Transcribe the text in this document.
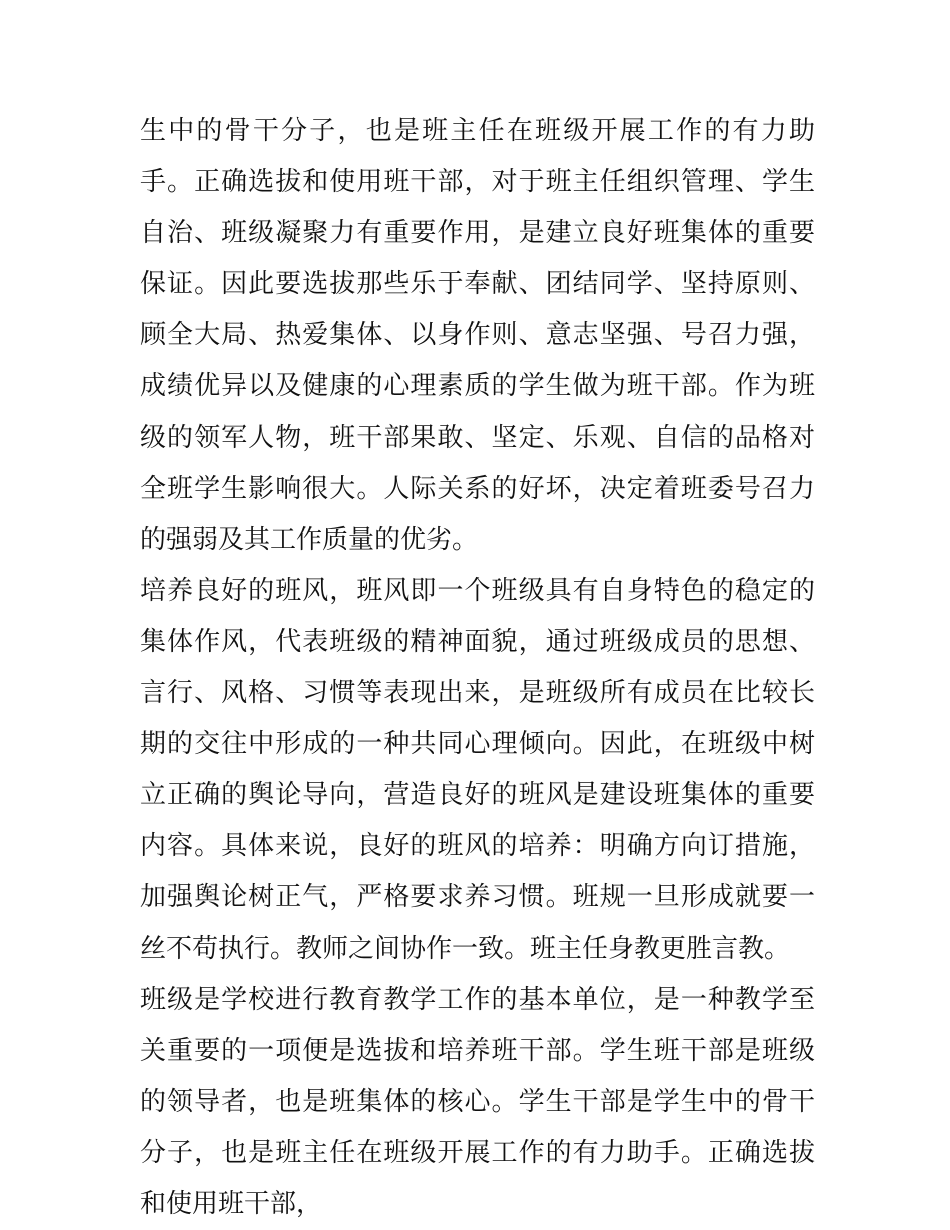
生中的骨干分子，也是班主任在班级开展工作的有力助手。正确选拔和使用班干部，对于班主任组织管理、学生自治、班级凝聚力有重要作用，是建立良好班集体的重要保证。因此要选拔那些乐于奉献、团结同学、坚持原则、顾全大局、热爱集体、以身作则、意志坚强、号召力强，成绩优异以及健康的心理素质的学生做为班干部。作为班级的领军人物，班干部果敢、坚定、乐观、自信的品格对全班学生影响很大。人际关系的好坏，决定着班委号召力的强弱及其工作质量的优劣。

培养良好的班风，班风即一个班级具有自身特色的稳定的集体作风，代表班级的精神面貌，通过班级成员的思想、言行、风格、习惯等表现出来，是班级所有成员在比较长期的交往中形成的一种共同心理倾向。因此，在班级中树立正确的舆论导向，营造良好的班风是建设班集体的重要内容。具体来说，良好的班风的培养：明确方向订措施，加强舆论树正气，严格要求养习惯。班规一旦形成就要一丝不苟执行。教师之间协作一致。班主任身教更胜言教。

班级是学校进行教育教学工作的基本单位，是一种教学至关重要的一项便是选拔和培养班干部。学生班干部是班级的领导者，也是班集体的核心。学生干部是学生中的骨干分子，也是班主任在班级开展工作的有力助手。正确选拔和使用班干部，
